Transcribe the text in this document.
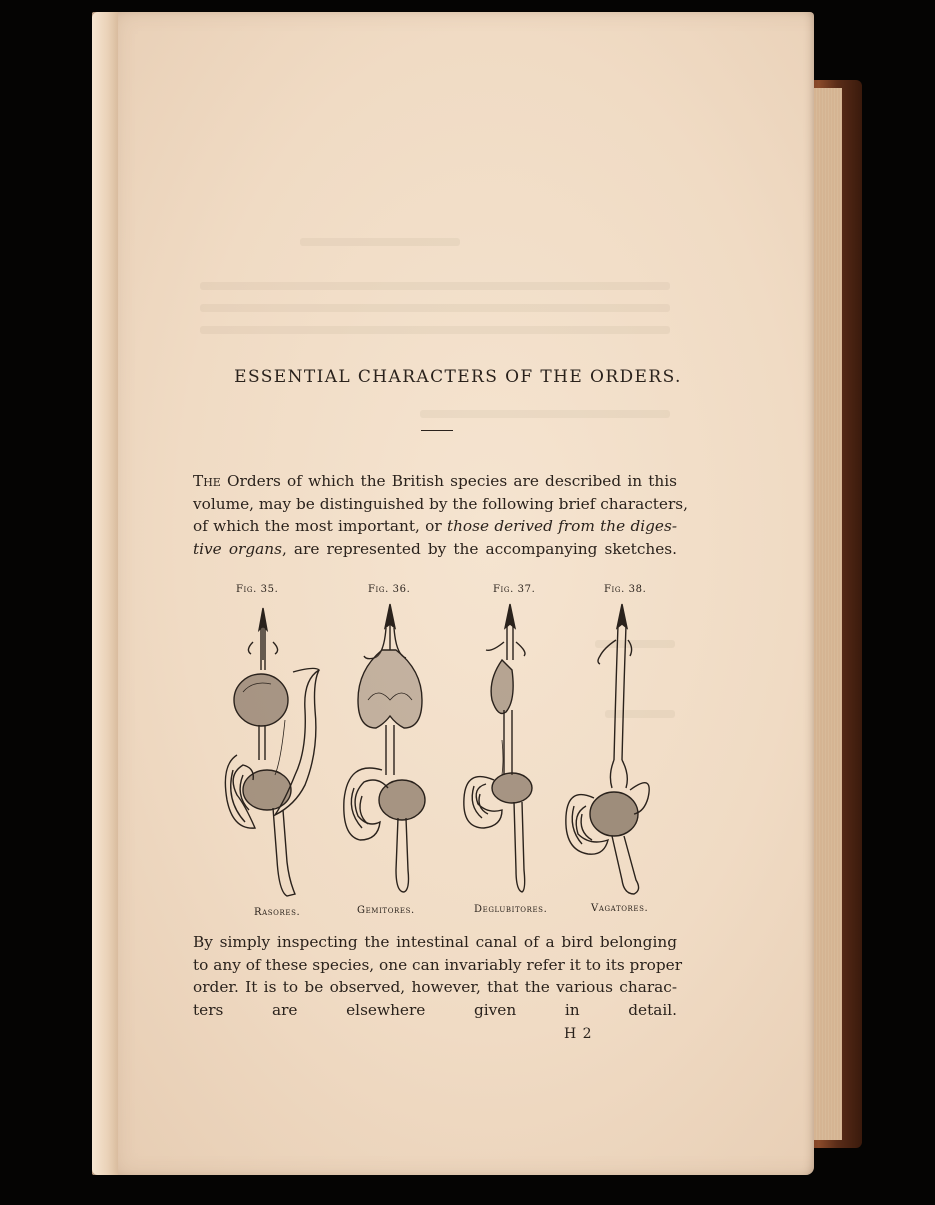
ESSENTIAL CHARACTERS OF THE ORDERS.
The Orders of which the British species are described in this
volume, may be distinguished by the following brief characters,
of which the most important, or those derived from the diges-
tive organs, are represented by the accompanying sketches.
Fig. 35.	Fig. 36.	Fig. 37.	Fig. 38.
Rasores.	Gemitores.	Deglubitores.	Vagatores.
By simply inspecting the intestinal canal of a bird belonging
to any of these species, one can invariably refer it to its proper
order. It is to be observed, however, that the various charac-
ters are elsewhere given in detail.
H 2
